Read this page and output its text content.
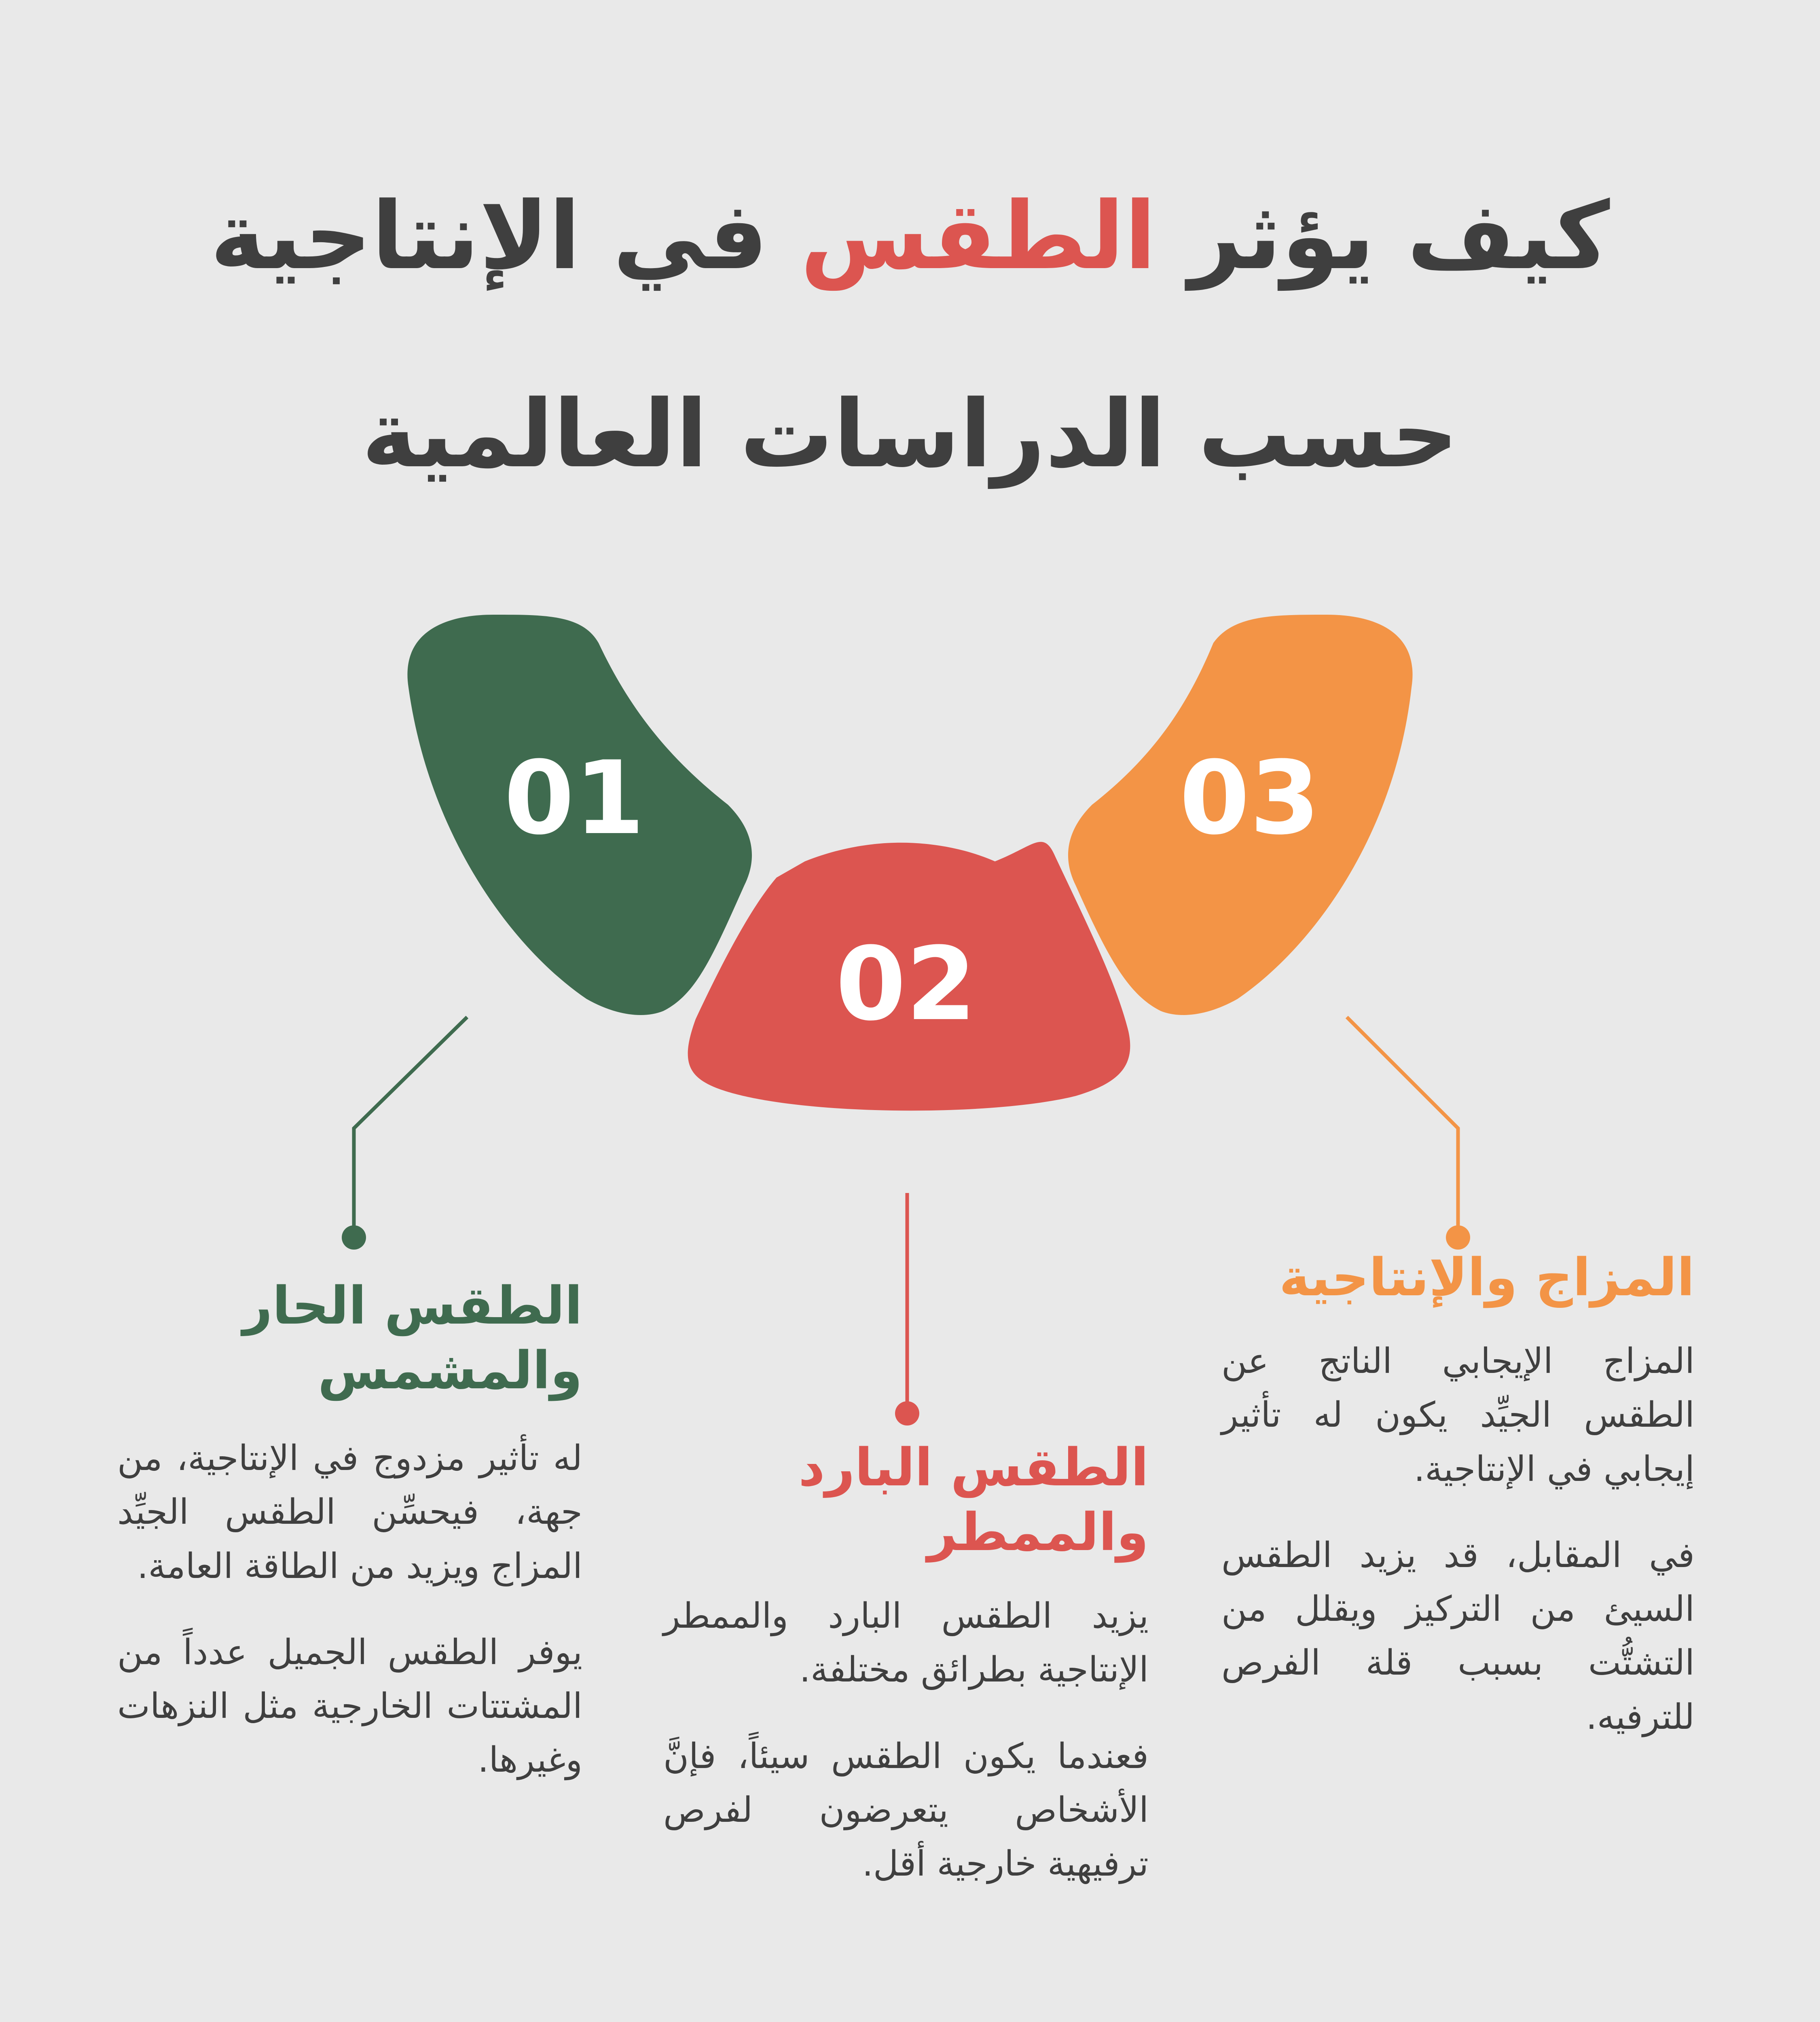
كيف يؤثر الطقس في الإنتاجية
حسب الدراسات العالمية
01
02
03
الطقس الحار والمشمس

له تأثير مزدوج في الإنتاجية، من جهة، فيحسِّن الطقس الجيِّد المزاج ويزيد من الطاقة العامة.

يوفر الطقس الجميل عدداً من المشتتات الخارجية مثل النزهات وغيرها.

الطقس البارد والممطر

يزيد الطقس البارد والممطر الإنتاجية بطرائق مختلفة.

فعندما يكون الطقس سيئاً، فإنَّ الأشخاص يتعرضون لفرص ترفيهية خارجية أقل.

المزاج والإنتاجية

المزاج الإيجابي الناتج عن الطقس الجيِّد يكون له تأثير إيجابي في الإنتاجية.

في المقابل، قد يزيد الطقس السيئ من التركيز ويقلل من التشتُّت بسبب قلة الفرص للترفيه.
